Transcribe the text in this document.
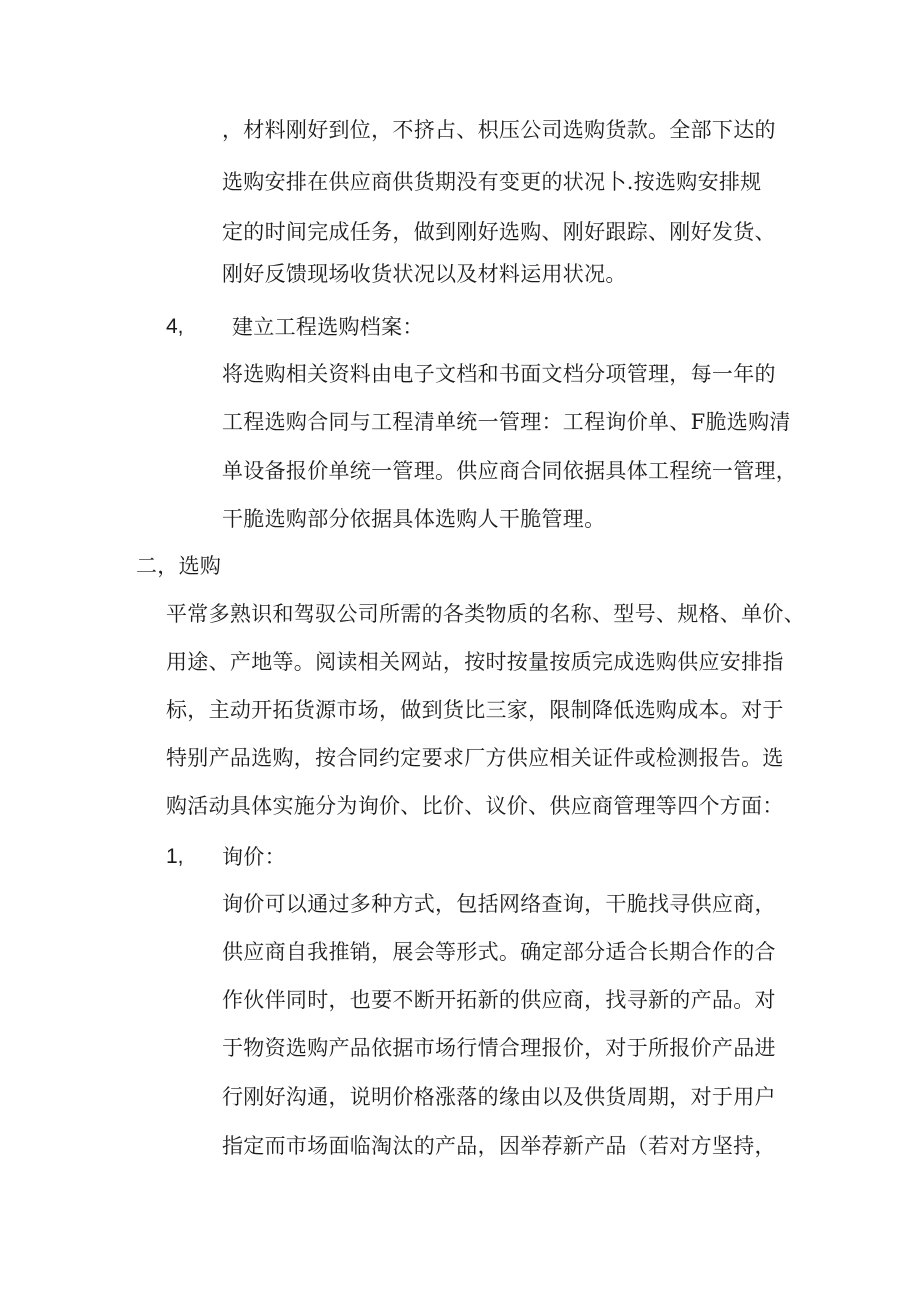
，材料刚好到位，不挤占、枳压公司选购货款。全部下达的
选购安排在供应商供货期没有变更的状况卜.按选购安排规
定的时间完成任务，做到刚好选购、刚好跟踪、刚好发货、
刚好反馈现场收货状况以及材料运用状况。
4, 建立工程选购档案：
将选购相关资料由电子文档和书面文档分项管理，每一年的
工程选购合同与工程清单统一管理：工程询价单、F脆选购清
单设备报价单统一管理。供应商合同依据具体工程统一管理，
干脆选购部分依据具体选购人干脆管理。
二，选购
平常多熟识和驾驭公司所需的各类物质的名称、型号、规格、单价、
用途、产地等。阅读相关网站，按时按量按质完成选购供应安排指
标，主动开拓货源市场，做到货比三家，限制降低选购成本。对于
特别产品选购，按合同约定要求厂方供应相关证件或检测报告。选
购活动具体实施分为询价、比价、议价、供应商管理等四个方面：
1, 询价：
询价可以通过多种方式，包括网络查询，干脆找寻供应商，
供应商自我推销，展会等形式。确定部分适合长期合作的合
作伙伴同时，也要不断开拓新的供应商，找寻新的产品。对
于物资选购产品依据市场行情合理报价，对于所报价产品进
行刚好沟通，说明价格涨落的缘由以及供货周期，对于用户
指定而市场面临淘汰的产品，因举荐新产品（若对方坚持，
